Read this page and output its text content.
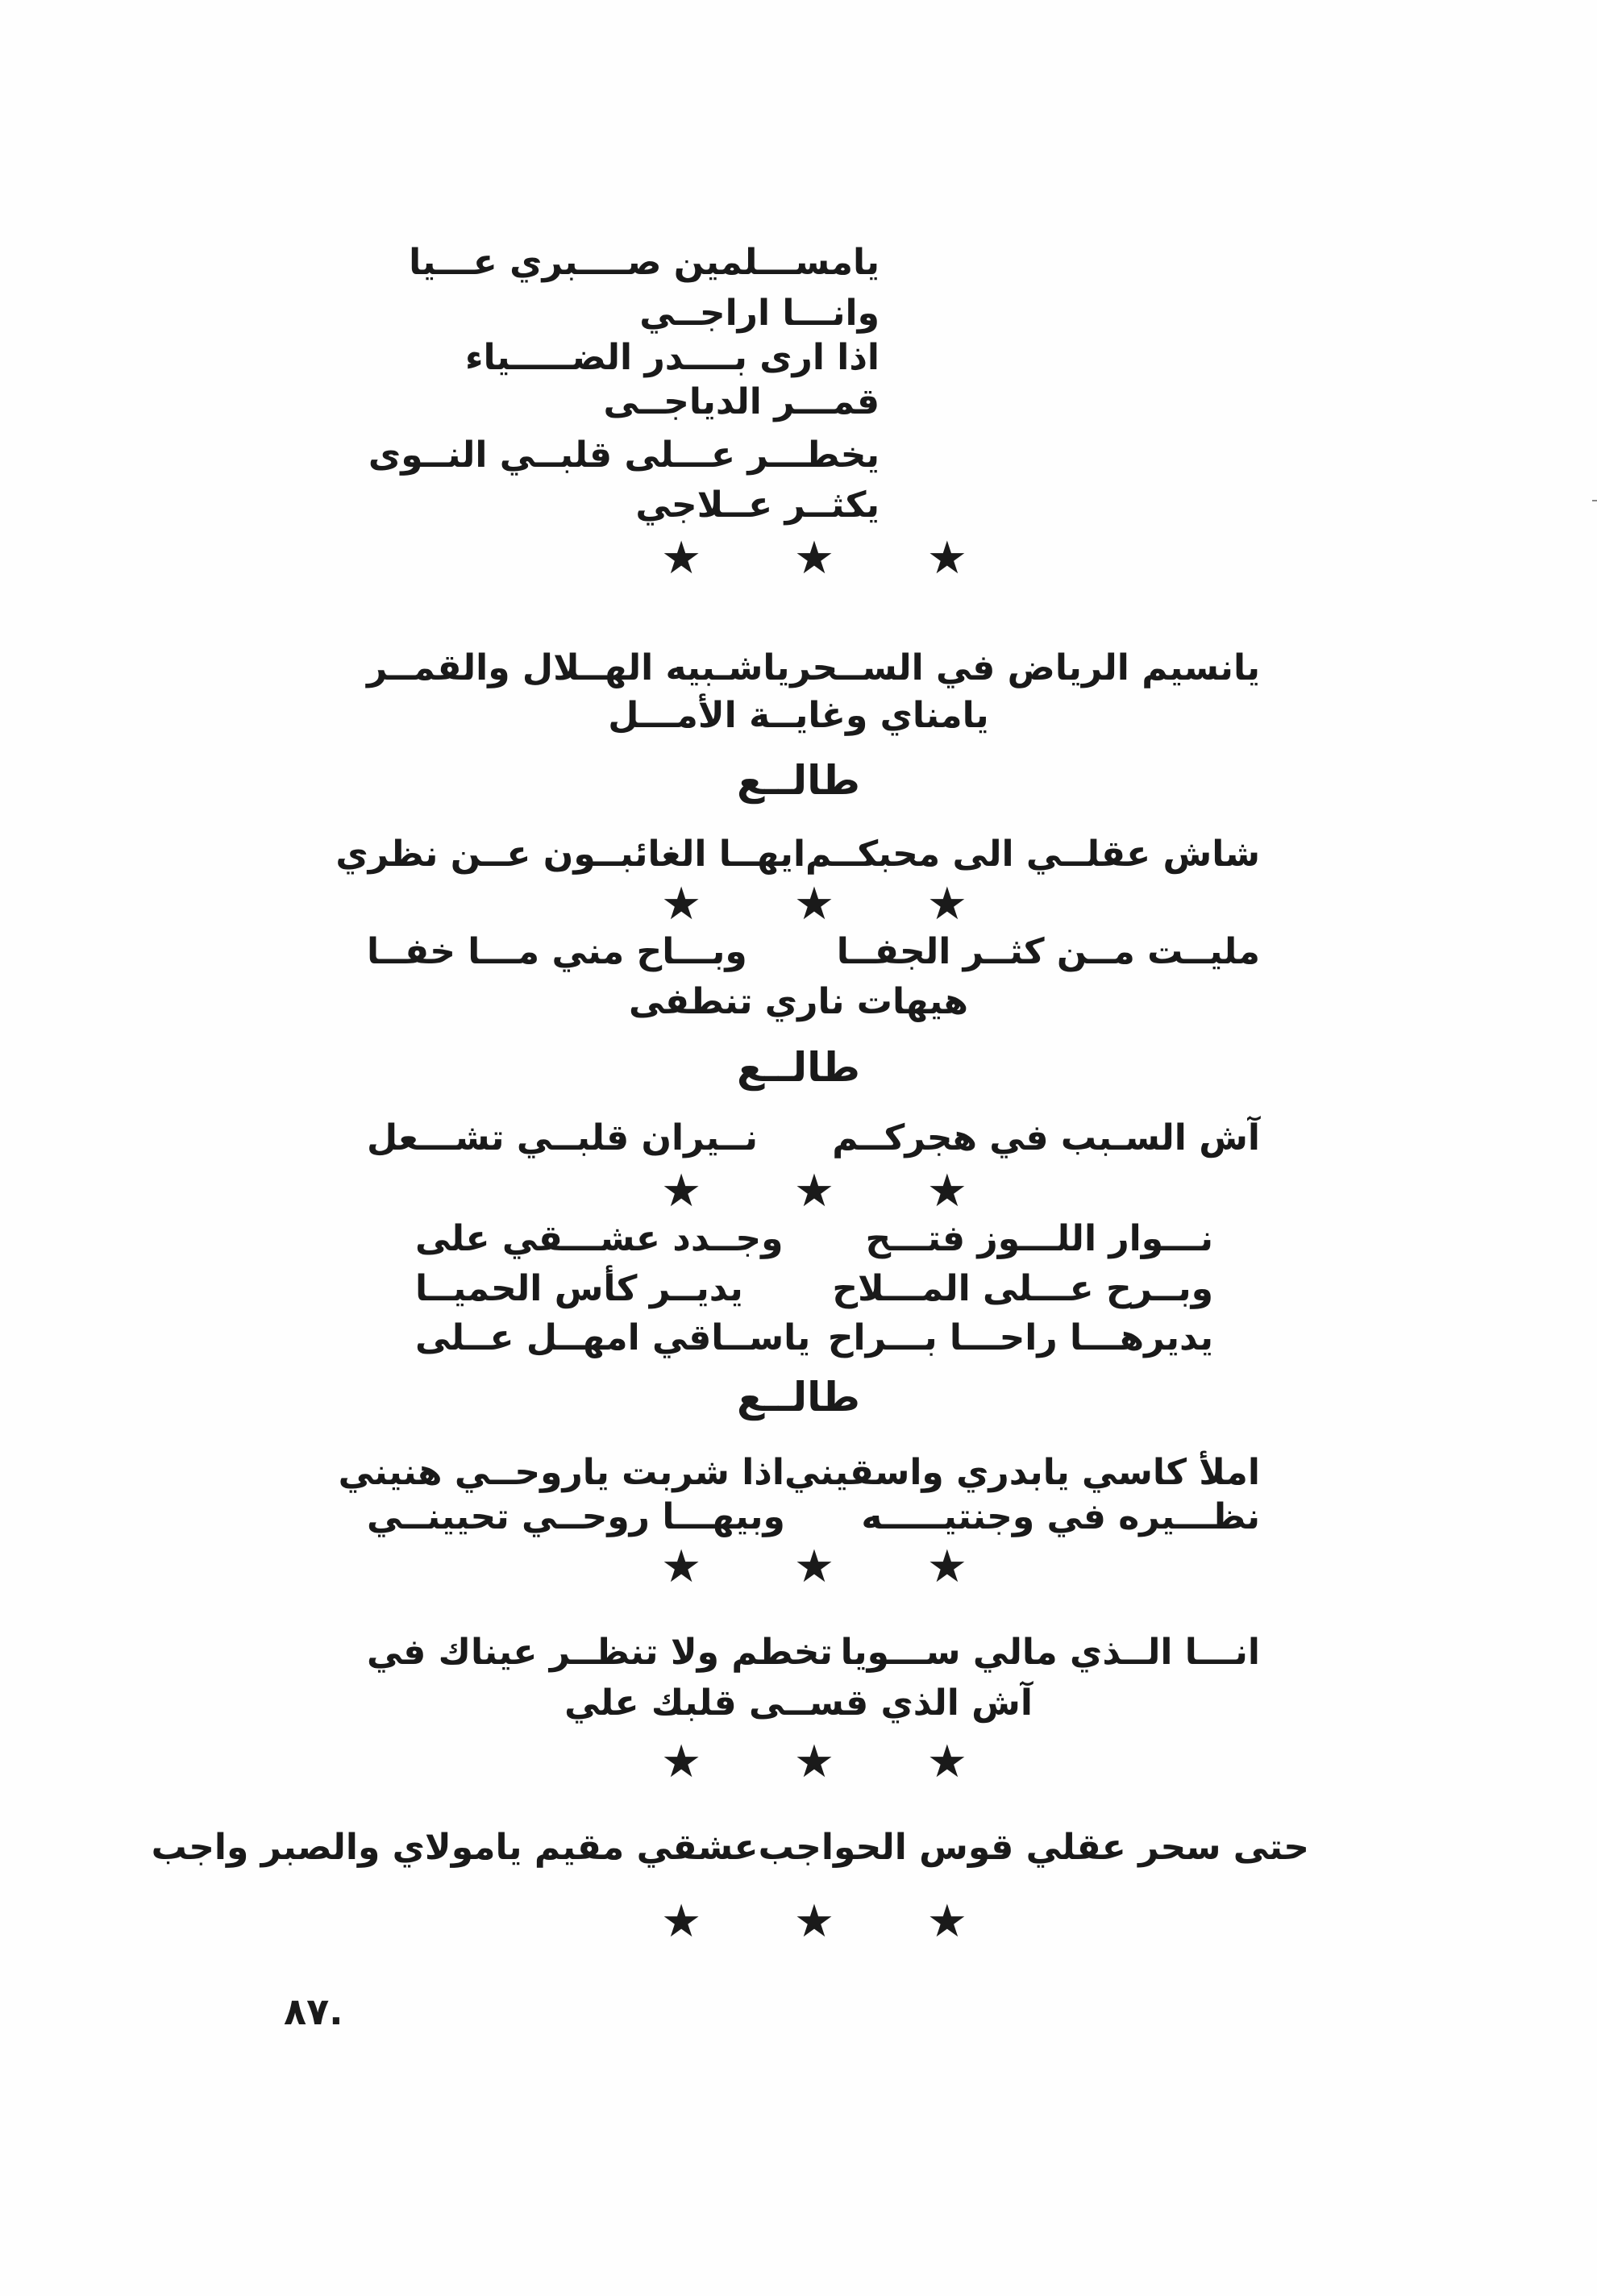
يامســـلمين صــــبري عـــيا
وانـــا اراجــي
اذا ارى بــــدر الضـــــياء
قمـــر الدياجــى
يخطـــر عـــلى قلبــي النــوى
يكثــر عــلاجي
★ ★ ★
يانسيم الرياض في الســحر
ياشـبيه الهــلال والقمــر
يامناي وغايــة الأمـــل
طالــع
شاش عقلــي الى محبكــم
ايهــا الغائبــون عــن نظري
★ ★ ★
مليــت مــن كثــر الجفــا
وبـــاح مني مـــا خفــا
هيهات ناري تنطفى
طالــع
آش السـبب في هجركــم
نــيران قلبــي تشـــعل
★ ★ ★
نـــوار اللـــوز فتـــح
وجــدد عشـــقي على
وبــرح عـــلى المـــلاح
يديــر كأس الحميــا
يديرهـــا راحـــا بـــراح
ياســاقي امهــل عــلى
طالــع
املأ كاسي يابدري واسقيني
اذا شربت ياروحــي هنيني
نظـــيره في وجنتيـــــه
وبيهـــا روحــي تحيينــي
★ ★ ★
انـــا الــذي مالي ســـويا
تخطم ولا تنظــر عيناك في
آش الذي قســى قلبك علي
★ ★ ★
حتى سحر عقلي قوس الحواجب
عشقي مقيم يامولاي والصبر واجب
★ ★ ★
٨٧.
